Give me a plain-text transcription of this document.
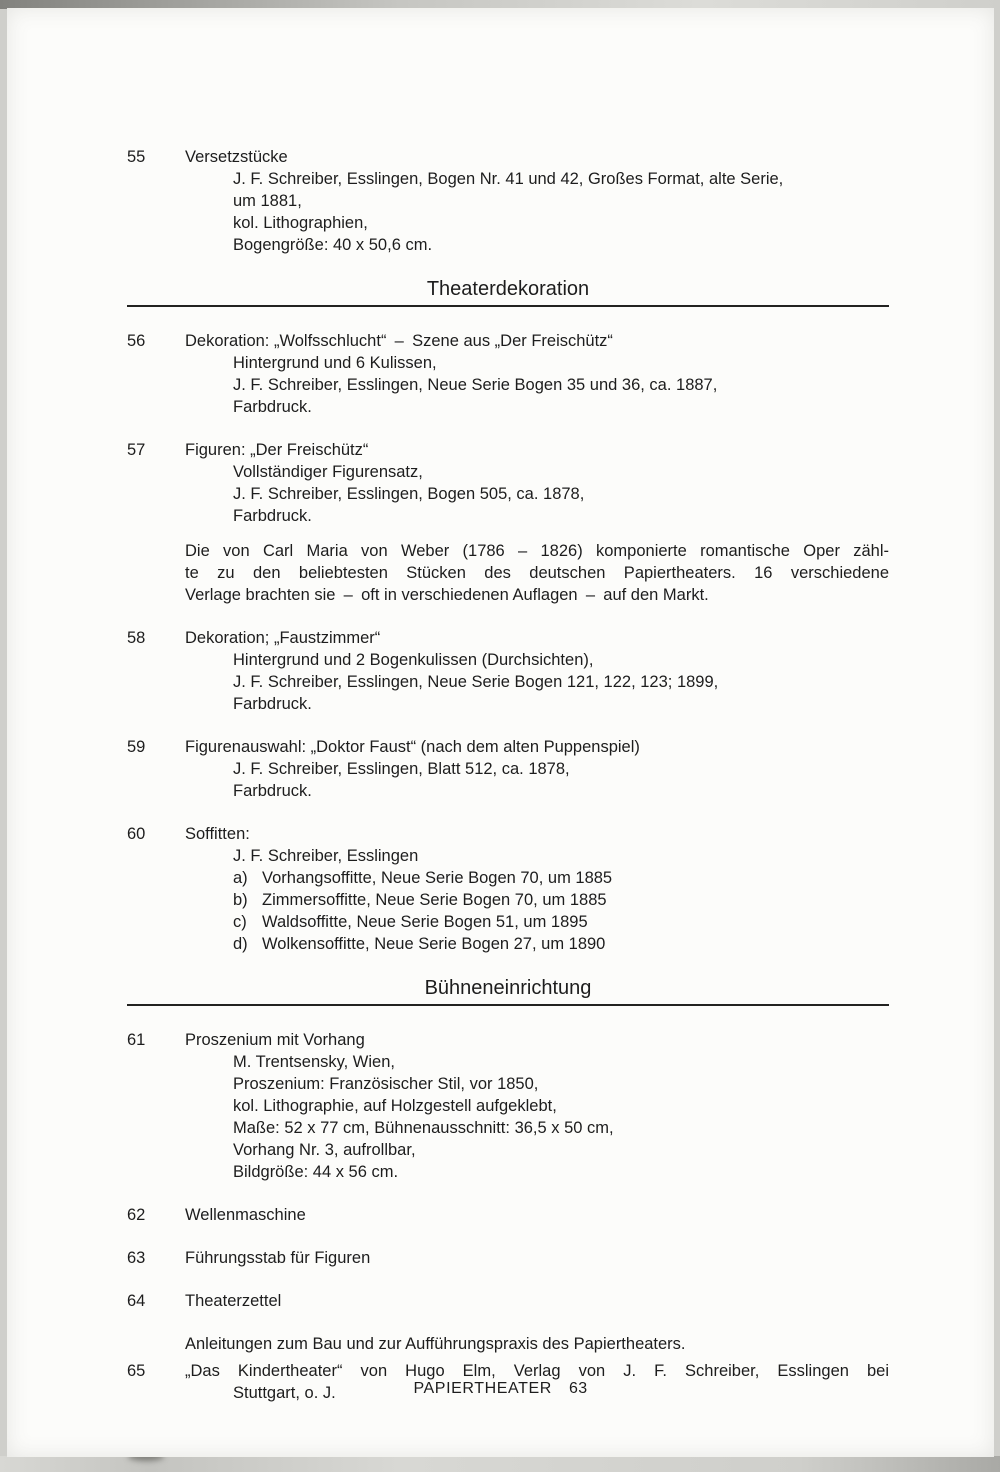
55	Versetzstücke
J. F. Schreiber, Esslingen, Bogen Nr. 41 und 42, Großes Format, alte Serie,
um 1881,
kol. Lithographien,
Bogengröße: 40 x 50,6 cm.
Theaterdekoration
56	Dekoration: „Wolfsschlucht“ – Szene aus „Der Freischütz“
Hintergrund und 6 Kulissen,
J. F. Schreiber, Esslingen, Neue Serie Bogen 35 und 36, ca. 1887,
Farbdruck.
57	Figuren: „Der Freischütz“
Vollständiger Figurensatz,
J. F. Schreiber, Esslingen, Bogen 505, ca. 1878,
Farbdruck.
Die von Carl Maria von Weber (1786 – 1826) komponierte romantische Oper zähl-
te zu den beliebtesten Stücken des deutschen Papiertheaters. 16 verschiedene
Verlage brachten sie – oft in verschiedenen Auflagen – auf den Markt.
58	Dekoration; „Faustzimmer“
Hintergrund und 2 Bogenkulissen (Durchsichten),
J. F. Schreiber, Esslingen, Neue Serie Bogen 121, 122, 123; 1899,
Farbdruck.
59	Figurenauswahl: „Doktor Faust“ (nach dem alten Puppenspiel)
J. F. Schreiber, Esslingen, Blatt 512, ca. 1878,
Farbdruck.
60	Soffitten:
J. F. Schreiber, Esslingen
a) Vorhangsoffitte, Neue Serie Bogen 70, um 1885
b) Zimmersoffitte, Neue Serie Bogen 70, um 1885
c) Waldsoffitte, Neue Serie Bogen 51, um 1895
d) Wolkensoffitte, Neue Serie Bogen 27, um 1890
Bühneneinrichtung
61	Proszenium mit Vorhang
M. Trentsensky, Wien,
Proszenium: Französischer Stil, vor 1850,
kol. Lithographie, auf Holzgestell aufgeklebt,
Maße: 52 x 77 cm, Bühnenausschnitt: 36,5 x 50 cm,
Vorhang Nr. 3, aufrollbar,
Bildgröße: 44 x 56 cm.
62	Wellenmaschine
63	Führungsstab für Figuren
64	Theaterzettel
Anleitungen zum Bau und zur Aufführungspraxis des Papiertheaters.
65	„Das Kindertheater“ von Hugo Elm, Verlag von J. F. Schreiber, Esslingen bei
Stuttgart, o. J.	PAPIERTHEATER 63
